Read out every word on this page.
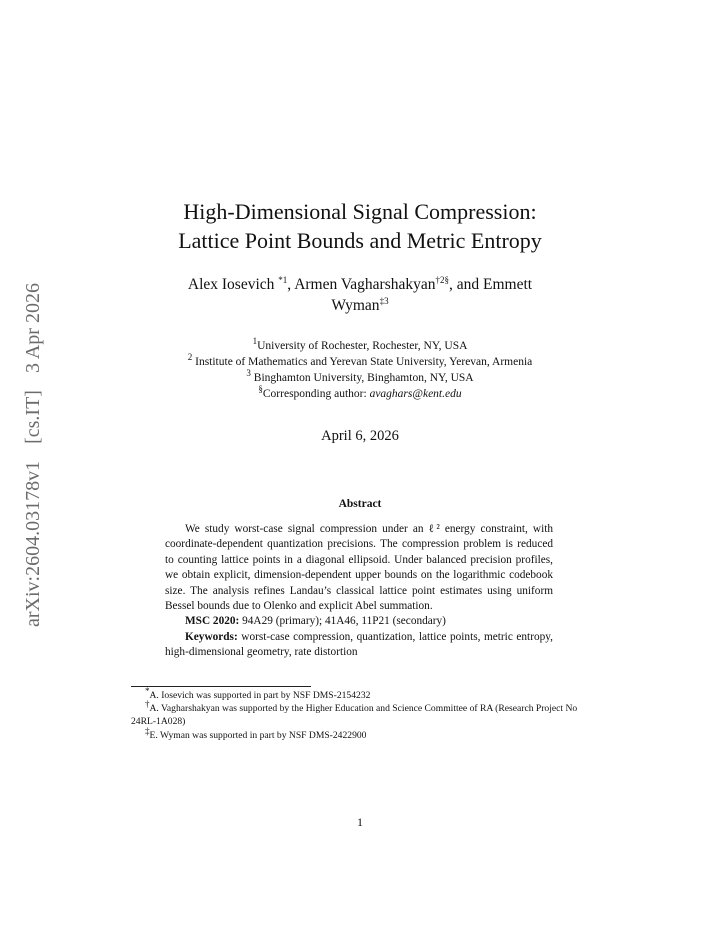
arXiv:2604.03178v1 [cs.IT] 3 Apr 2026
High-Dimensional Signal Compression:
Lattice Point Bounds and Metric Entropy
Alex Iosevich $^{*1}$, Armen Vagharshakyan$^{\dagger 2\S}$, and Emmett
Wyman$^{\ddagger 3}$
$^1$University of Rochester, Rochester, NY, USA
$^2$ Institute of Mathematics and Yerevan State University, Yerevan, Armenia
$^3$ Binghamton University, Binghamton, NY, USA
§Corresponding author: avaghars@kent.edu
April 6, 2026
Abstract

We study worst-case signal compression under an ℓ² energy constraint, with coordinate-dependent quantization precisions. The compression problem is reduced to counting lattice points in a diagonal ellipsoid. Under balanced precision profiles, we obtain explicit, dimension-dependent upper bounds on the logarithmic codebook size. The analysis refines Landau’s classical lattice point estimates using uniform Bessel bounds due to Olenko and explicit Abel summation.

MSC 2020: 94A29 (primary); 41A46, 11P21 (secondary)

Keywords: worst-case compression, quantization, lattice points, metric entropy, high-dimensional geometry, rate distortion

*A. Iosevich was supported in part by NSF DMS-2154232

†A. Vagharshakyan was supported by the Higher Education and Science Committee of RA (Research Project No 24RL-1A028)

‡E. Wyman was supported in part by NSF DMS-2422900

1
